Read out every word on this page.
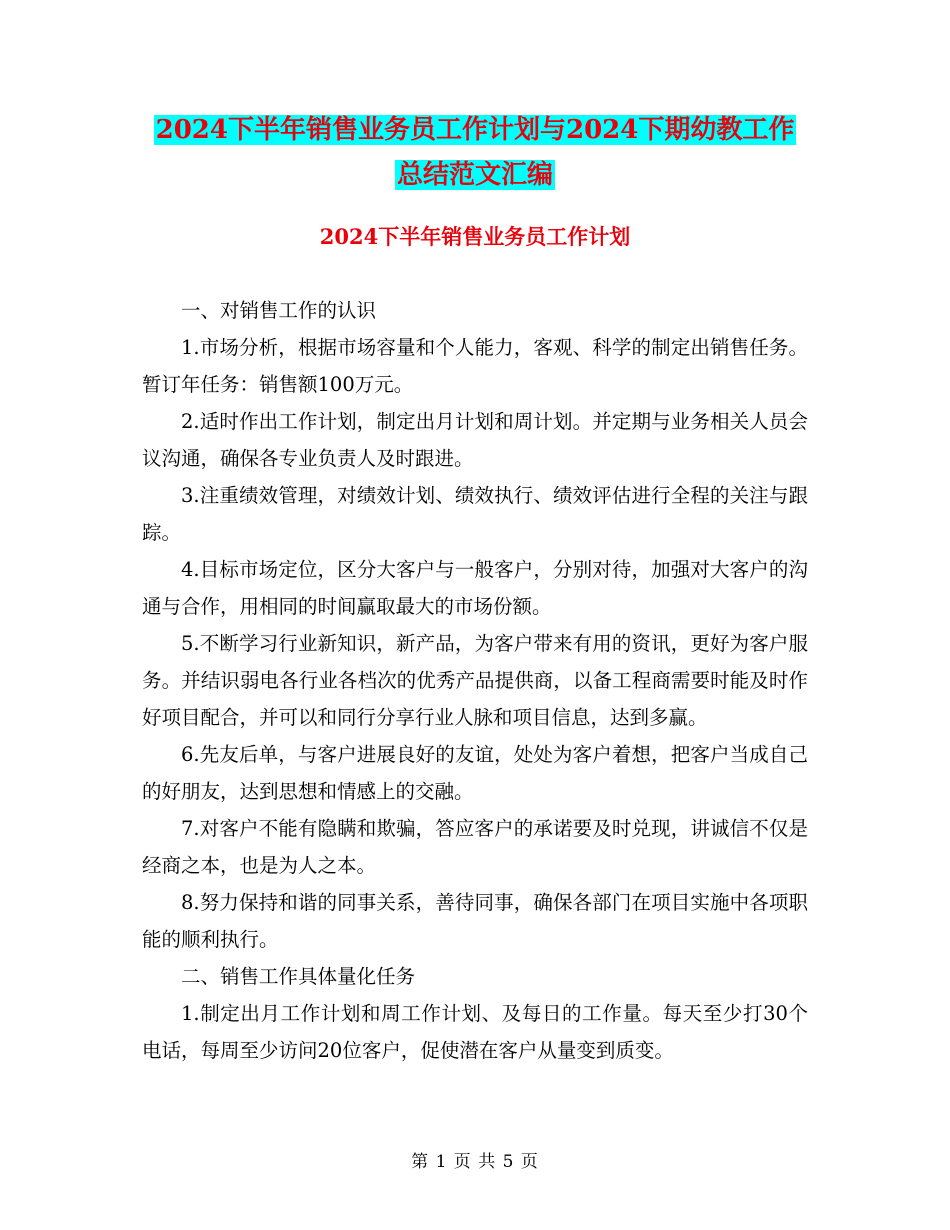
2024下半年销售业务员工作计划与2024下期幼教工作
总结范文汇编
2024下半年销售业务员工作计划

一、对销售工作的认识

1.市场分析，根据市场容量和个人能力，客观、科学的制定出销售任务。暂订年任务：销售额100万元。

2.适时作出工作计划，制定出月计划和周计划。并定期与业务相关人员会议沟通，确保各专业负责人及时跟进。

3.注重绩效管理，对绩效计划、绩效执行、绩效评估进行全程的关注与跟踪。

4.目标市场定位，区分大客户与一般客户，分别对待，加强对大客户的沟通与合作，用相同的时间赢取最大的市场份额。

5.不断学习行业新知识，新产品，为客户带来有用的资讯，更好为客户服务。并结识弱电各行业各档次的优秀产品提供商，以备工程商需要时能及时作好项目配合，并可以和同行分享行业人脉和项目信息，达到多赢。

6.先友后单，与客户进展良好的友谊，处处为客户着想，把客户当成自己的好朋友，达到思想和情感上的交融。

7.对客户不能有隐瞒和欺骗，答应客户的承诺要及时兑现，讲诚信不仅是经商之本，也是为人之本。

8.努力保持和谐的同事关系，善待同事，确保各部门在项目实施中各项职能的顺利执行。

二、销售工作具体量化任务

1.制定出月工作计划和周工作计划、及每日的工作量。每天至少打30个电话，每周至少访问20位客户，促使潜在客户从量变到质变。

第 1 页 共 5 页
